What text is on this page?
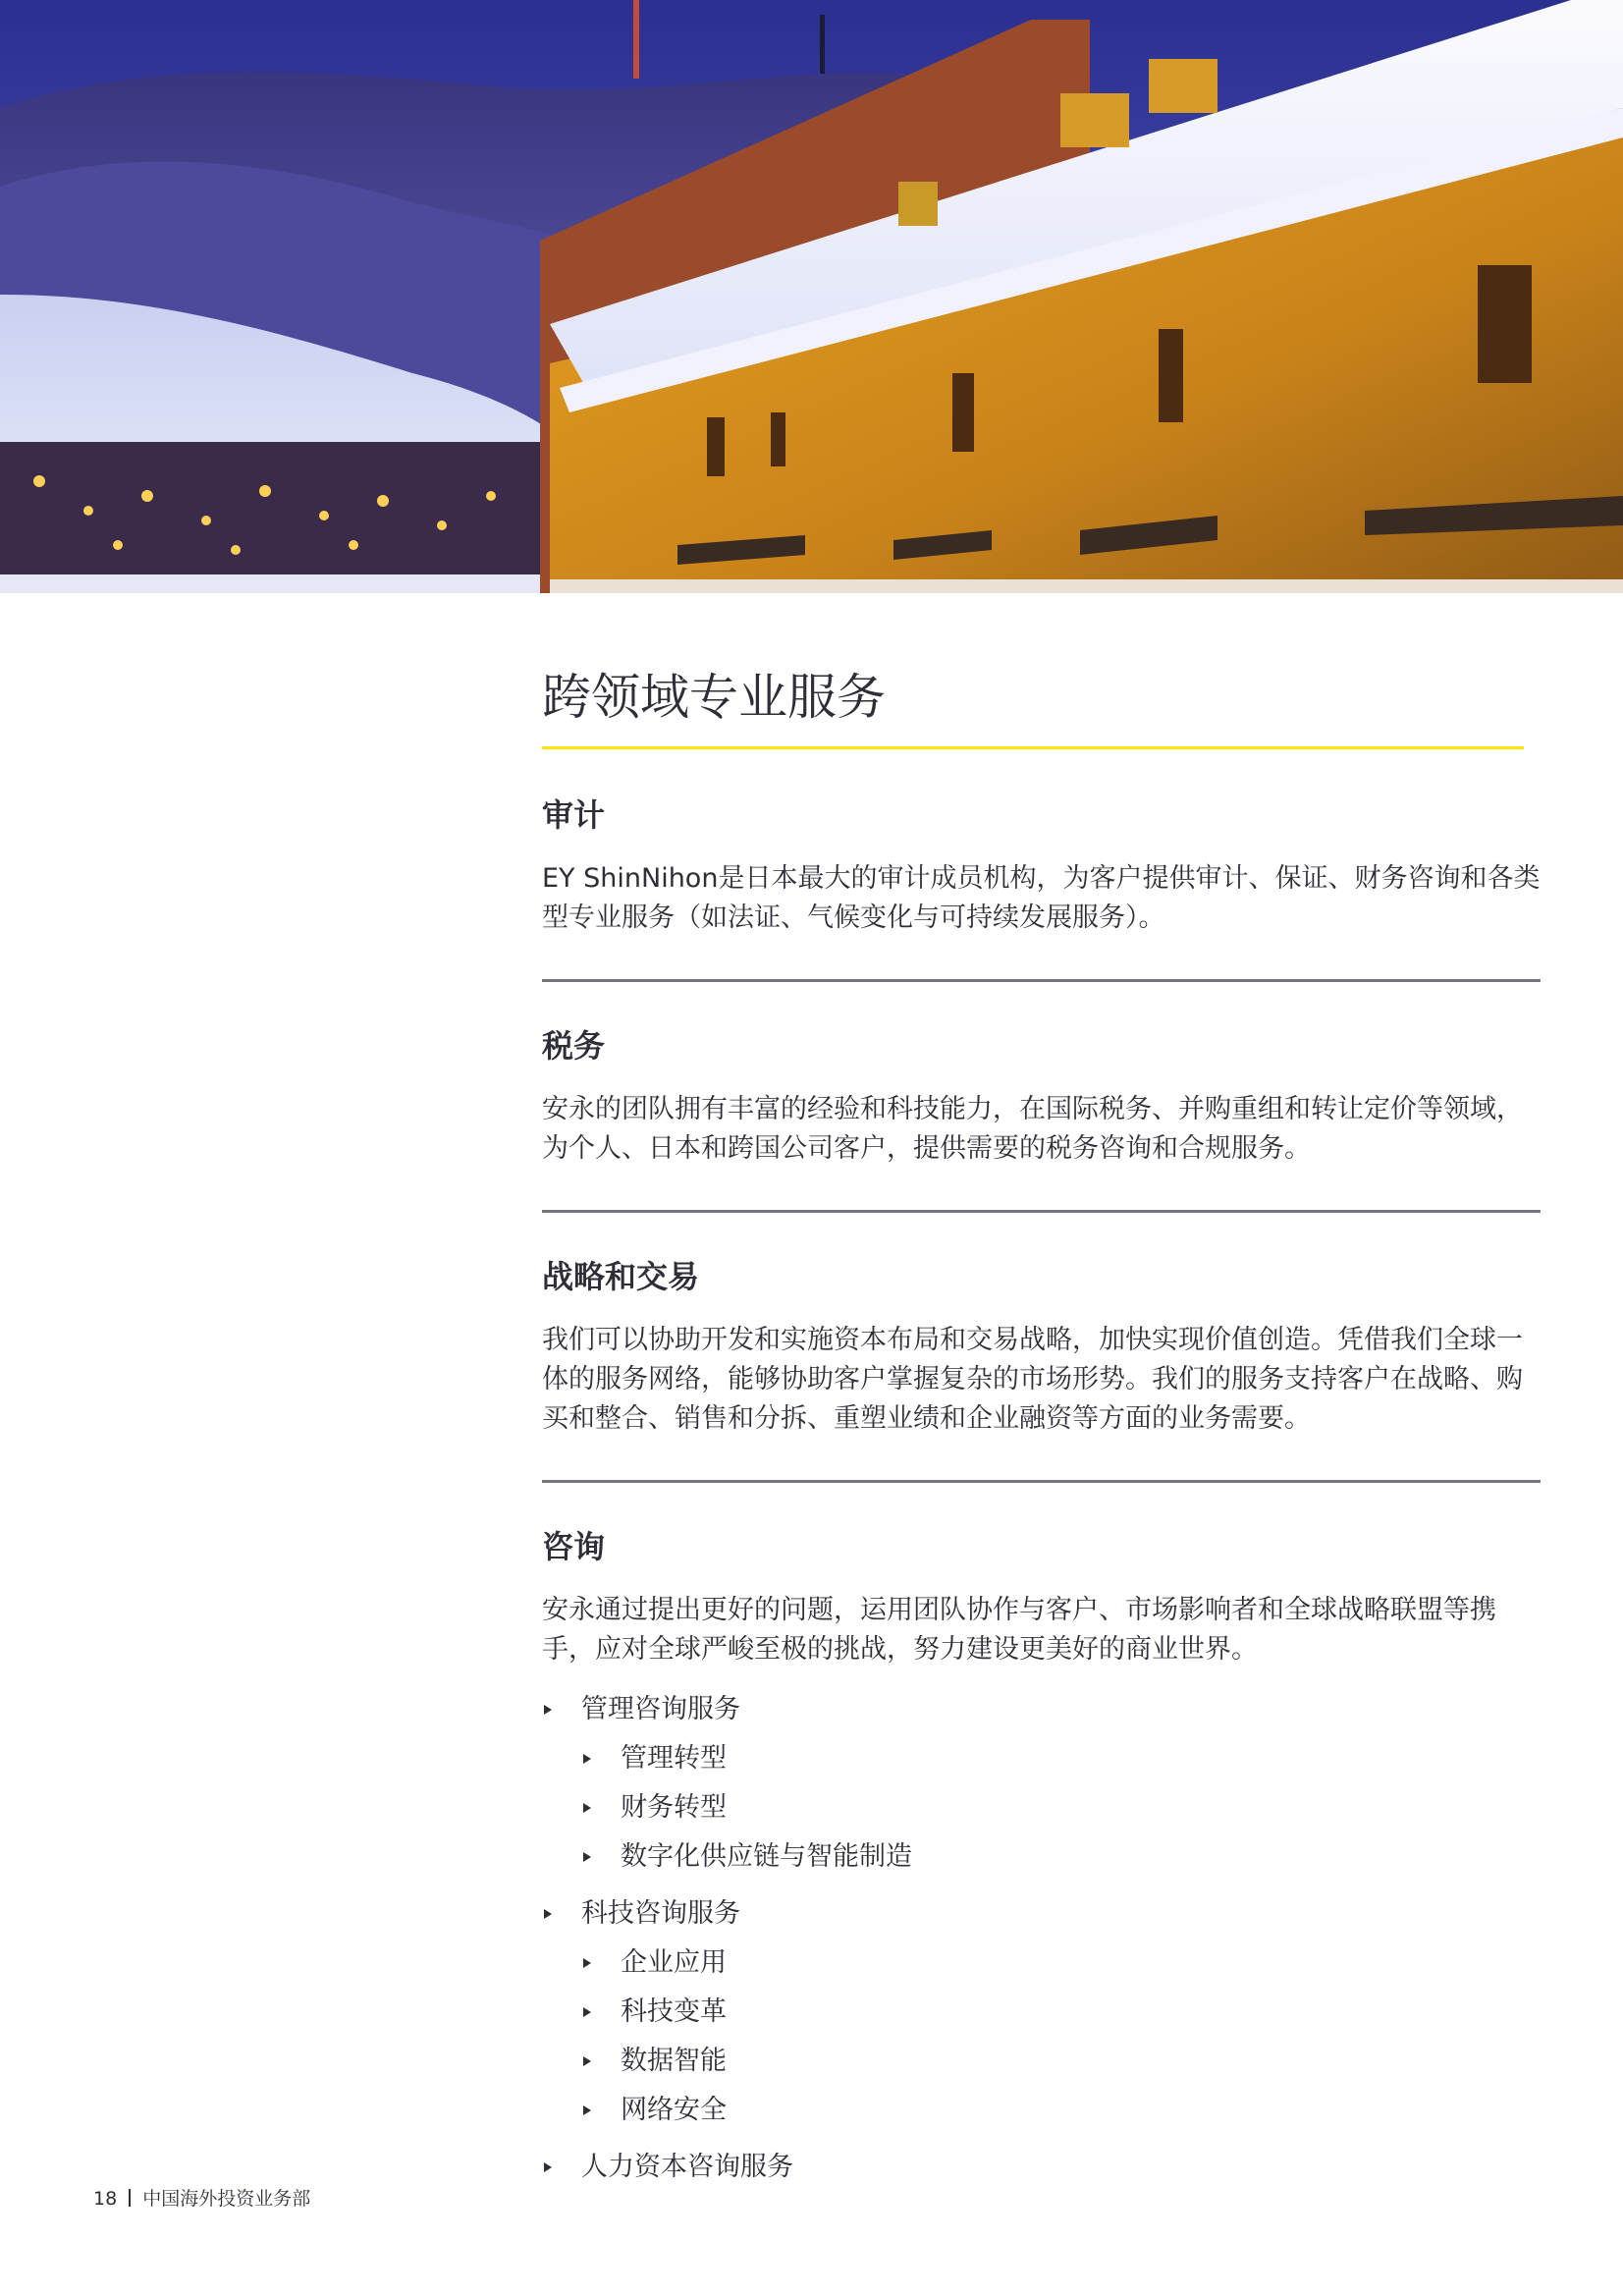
跨领域专业服务
审计

EY ShinNihon是日本最大的审计成员机构，为客户提供审计、保证、财务咨询和各类型专业服务（如法证、气候变化与可持续发展服务）。

税务

安永的团队拥有丰富的经验和科技能力，在国际税务、并购重组和转让定价等领域，为个人、日本和跨国公司客户，提供需要的税务咨询和合规服务。

战略和交易

我们可以协助开发和实施资本布局和交易战略，加快实现价值创造。凭借我们全球一体的服务网络，能够协助客户掌握复杂的市场形势。我们的服务支持客户在战略、购买和整合、销售和分拆、重塑业绩和企业融资等方面的业务需要。

咨询

安永通过提出更好的问题，运用团队协作与客户、市场影响者和全球战略联盟等携手，应对全球严峻至极的挑战，努力建设更美好的商业世界。

管理咨询服务
管理转型
财务转型
数字化供应链与智能制造
科技咨询服务
企业应用
科技变革
数据智能
网络安全
人力资本咨询服务
18 中国海外投资业务部
